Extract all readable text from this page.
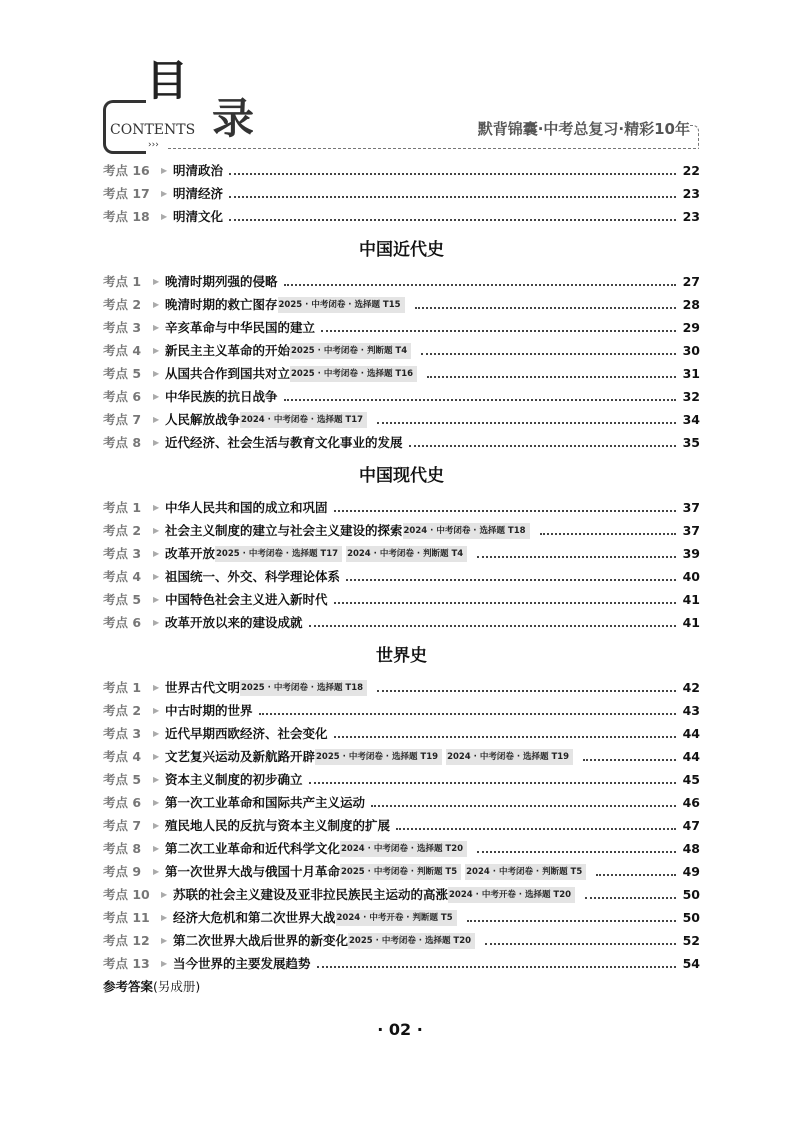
目
录
CONTENTS
›››
默背锦囊·中考总复习·精彩10年
考点 16	▶ 明清政治	22
考点 17	▶ 明清经济	23
考点 18	▶ 明清文化	23
中国近代史
考点 1	▶ 晚清时期列强的侵略	27
考点 2	▶ 晚清时期的救亡图存 2025 · 中考闭卷 · 选择题 T15	28
考点 3	▶ 辛亥革命与中华民国的建立	29
考点 4	▶ 新民主主义革命的开始 2025 · 中考闭卷 · 判断题 T4	30
考点 5	▶ 从国共合作到国共对立 2025 · 中考闭卷 · 选择题 T16	31
考点 6	▶ 中华民族的抗日战争	32
考点 7	▶ 人民解放战争 2024 · 中考闭卷 · 选择题 T17	34
考点 8	▶ 近代经济、社会生活与教育文化事业的发展	35
中国现代史
考点 1	▶ 中华人民共和国的成立和巩固	37
考点 2	▶ 社会主义制度的建立与社会主义建设的探索 2024 · 中考闭卷 · 选择题 T18	37
考点 3	▶ 改革开放 2025 · 中考闭卷 · 选择题 T17	2024 · 中考闭卷 · 判断题 T4	39
考点 4	▶ 祖国统一、外交、科学理论体系	40
考点 5	▶ 中国特色社会主义进入新时代	41
考点 6	▶ 改革开放以来的建设成就	41
世界史
考点 1	▶ 世界古代文明 2025 · 中考闭卷 · 选择题 T18	42
考点 2	▶ 中古时期的世界	43
考点 3	▶ 近代早期西欧经济、社会变化	44
考点 4	▶ 文艺复兴运动及新航路开辟 2025 · 中考闭卷 · 选择题 T19	2024 · 中考闭卷 · 选择题 T19	44
考点 5	▶ 资本主义制度的初步确立	45
考点 6	▶ 第一次工业革命和国际共产主义运动	46
考点 7	▶ 殖民地人民的反抗与资本主义制度的扩展	47
考点 8	▶ 第二次工业革命和近代科学文化 2024 · 中考闭卷 · 选择题 T20	48
考点 9	▶ 第一次世界大战与俄国十月革命 2025 · 中考闭卷 · 判断题 T5	2024 · 中考闭卷 · 判断题 T5	49
考点 10	▶ 苏联的社会主义建设及亚非拉民族民主运动的高涨 2024 · 中考开卷 · 选择题 T20	50
考点 11	▶ 经济大危机和第二次世界大战 2024 · 中考开卷 · 判断题 T5	50
考点 12	▶ 第二次世界大战后世界的新变化 2025 · 中考闭卷 · 选择题 T20	52
考点 13	▶ 当今世界的主要发展趋势	54
参考答案(另成册)
· 02 ·
